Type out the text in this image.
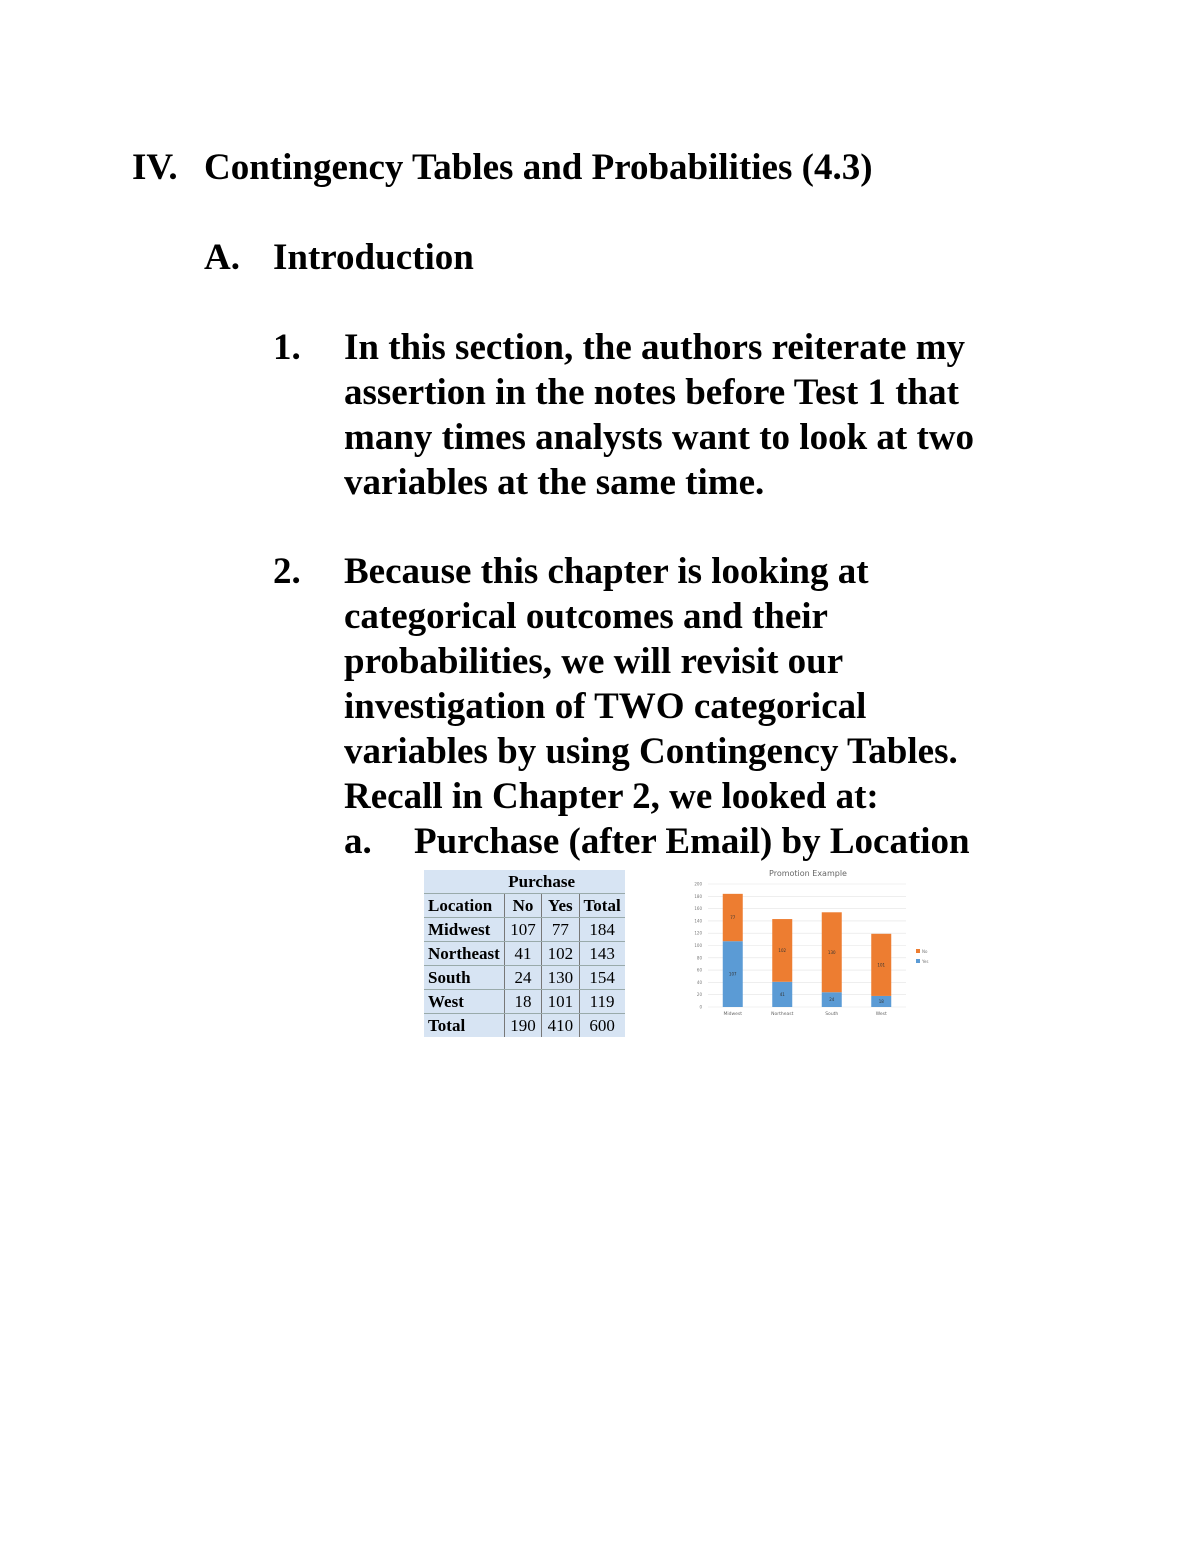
IV. Contingency Tables and Probabilities (4.3)
A. Introduction
1. In this section, the authors reiterate my
assertion in the notes before Test 1 that
many times analysts want to look at two
variables at the same time.
2. Because this chapter is looking at
categorical outcomes and their
probabilities, we will revisit our
investigation of TWO categorical
variables by using Contingency Tables.
Recall in Chapter 2, we looked at:
a. Purchase (after Email) by Location
	Purchase		
Location	No	Yes	Total
Midwest	107	77	184
Northeast	41	102	143
South	24	130	154
West	18	101	119
Total	190	410	600
Promotion Example
0
20
40
60
80
100
120
140
160
180
200
107
77
41
102
24
130
18
101
Midwest	Northeast	South	West
No
Yes
